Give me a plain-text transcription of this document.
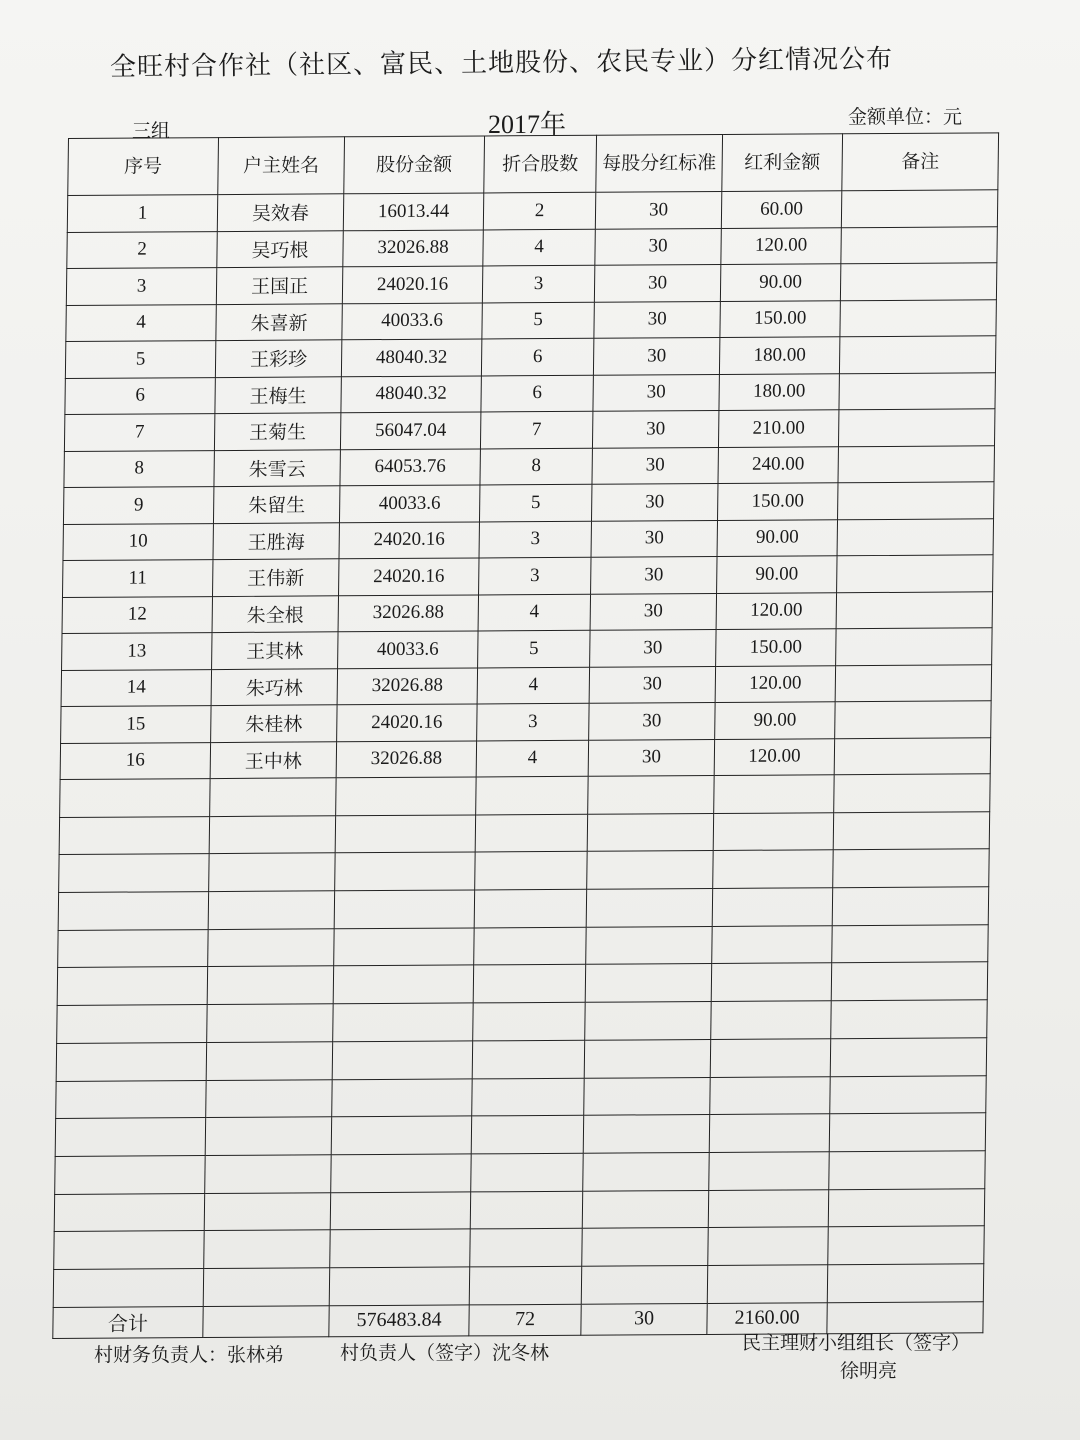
全旺村合作社（社区、富民、土地股份、农民专业）分红情况公布
三组	2017年	金额单位：元
序号	户主姓名	股份金额	折合股数	每股分红标准	红利金额	备注
1	吴效春	16013.44	2	30	60.00	
2	吴巧根	32026.88	4	30	120.00	
3	王国正	24020.16	3	30	90.00	
4	朱喜新	40033.6	5	30	150.00	
5	王彩珍	48040.32	6	30	180.00	
6	王梅生	48040.32	6	30	180.00	
7	王菊生	56047.04	7	30	210.00	
8	朱雪云	64053.76	8	30	240.00	
9	朱留生	40033.6	5	30	150.00	
10	王胜海	24020.16	3	30	90.00	
11	王伟新	24020.16	3	30	90.00	
12	朱全根	32026.88	4	30	120.00	
13	王其林	40033.6	5	30	150.00	
14	朱巧林	32026.88	4	30	120.00	
15	朱桂林	24020.16	3	30	90.00	
16	王中林	32026.88	4	30	120.00	

合计		576483.84	72	30	2160.00	
村财务负责人：张林弟	村负责人（签字）沈冬林	民主理财小组组长（签字）
徐明亮
